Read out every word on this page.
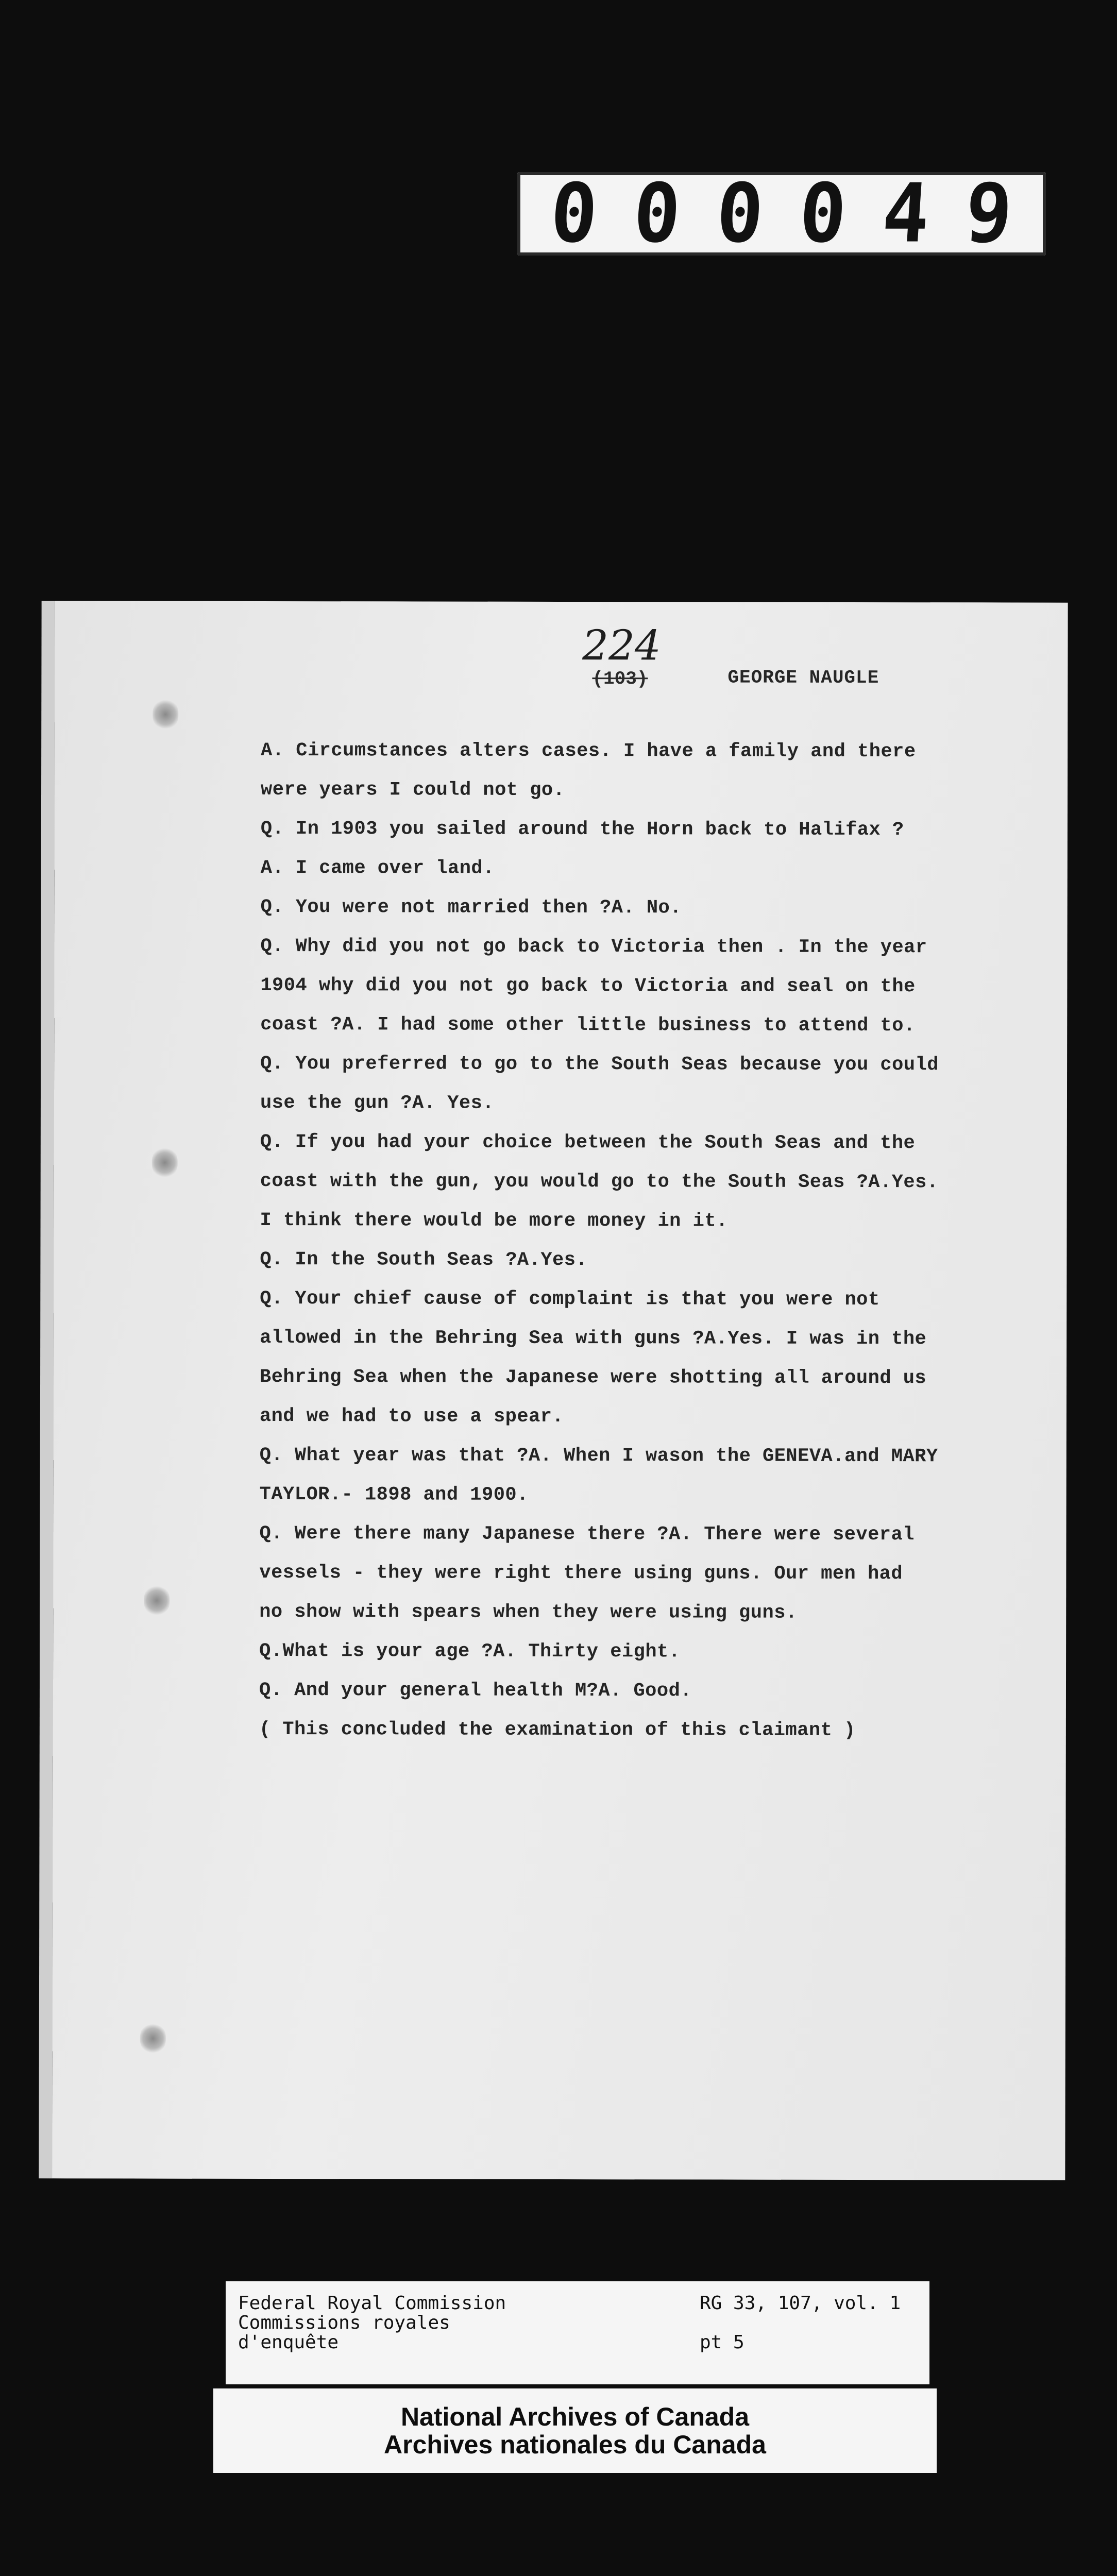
0 0 0 0 4 9
224
(103)	GEORGE NAUGLE
A. Circumstances alters cases. I have a family and there
were years I could not go.
Q. In 1903 you sailed around the Horn back to Halifax ?
A. I came over land.
Q. You were not married then ?A. No.
Q. Why did you not go back to Victoria then . In the year
1904 why did you not go back to Victoria and seal on the
coast ?A. I had some other little business to attend to.
Q. You preferred to go to the South Seas because you could
use the gun ?A. Yes.
Q. If you had your choice between the South Seas and the
coast with the gun, you would go to the South Seas ?A.Yes.
I think there would be more money in it.
Q. In the South Seas ?A.Yes.
Q. Your chief cause of complaint is that you were not
allowed in the Behring Sea with guns ?A.Yes. I was in the
Behring Sea when the Japanese were shotting all around us
and we had to use a spear.
Q. What year was that ?A. When I wason the GENEVA.and MARY
TAYLOR.- 1898 and 1900.
Q. Were there many Japanese there ?A. There were several
vessels - they were right there using guns. Our men had
no show with spears when they were using guns.
Q.What is your age ?A. Thirty eight.
Q. And your general health M?A. Good.
( This concluded the examination of this claimant )
Federal Royal Commission
Commissions royales
d'enquête
RG 33, 107, vol. 1
pt 5
National Archives of Canada
Archives nationales du Canada
